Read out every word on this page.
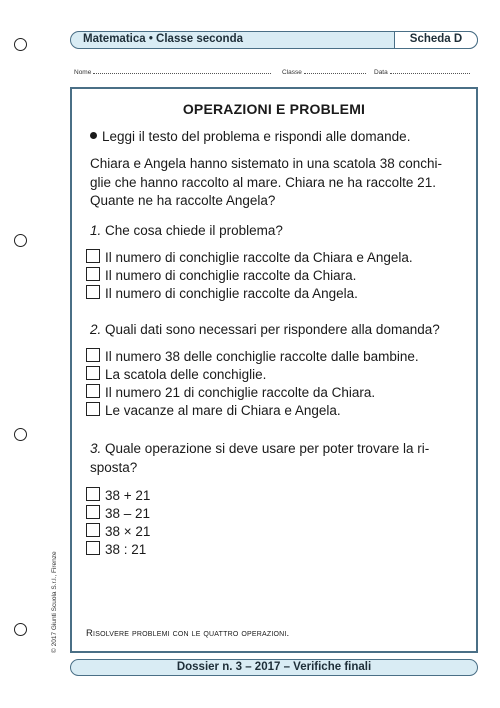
Matematica • Classe seconda	Scheda D
Nome	Classe	Data
OPERAZIONI E PROBLEMI
Leggi il testo del problema e rispondi alle domande.
Chiara e Angela hanno sistemato in una scatola 38 conchi-
glie che hanno raccolto al mare. Chiara ne ha raccolte 21.
Quante ne ha raccolte Angela?
1. Che cosa chiede il problema?
Il numero di conchiglie raccolte da Chiara e Angela.
Il numero di conchiglie raccolte da Chiara.
Il numero di conchiglie raccolte da Angela.
2. Quali dati sono necessari per rispondere alla domanda?
Il numero 38 delle conchiglie raccolte dalle bambine.
La scatola delle conchiglie.
Il numero 21 di conchiglie raccolte da Chiara.
Le vacanze al mare di Chiara e Angela.
3. Quale operazione si deve usare per poter trovare la ri-
sposta?
38 + 21
38 – 21
38 × 21
38 : 21
Risolvere problemi con le quattro operazioni.
Dossier n. 3 – 2017 – Verifiche finali
© 2017 Giunti Scuola S.r.l., Firenze
